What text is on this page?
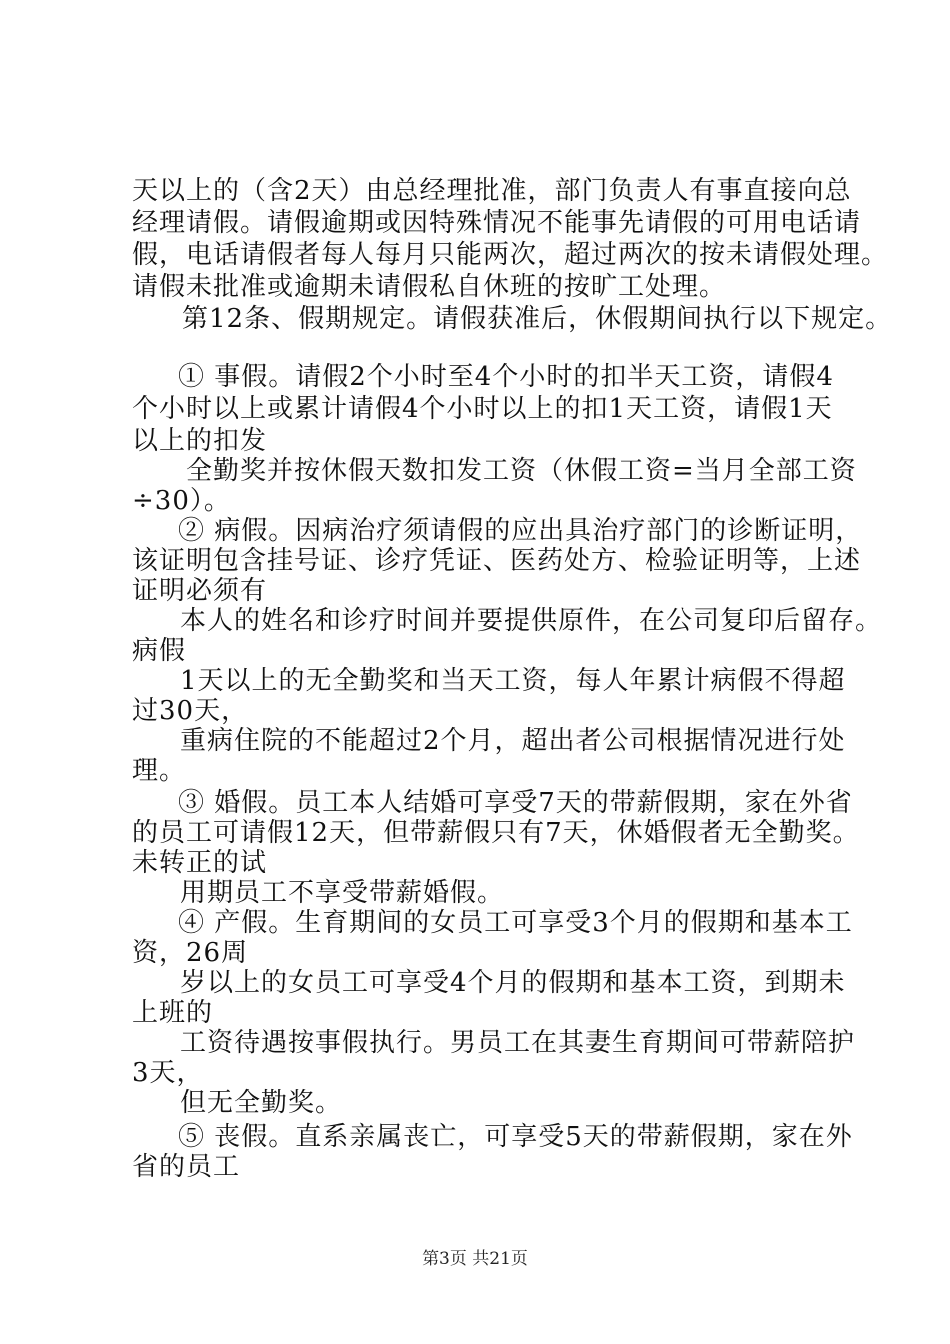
天以上的（含2天）由总经理批准，部门负责人有事直接向总
经理请假。请假逾期或因特殊情况不能事先请假的可用电话请
假，电话请假者每人每月只能两次，超过两次的按未请假处理。
请假未批准或逾期未请假私自休班的按旷工处理。
第12条、假期规定。请假获准后，休假期间执行以下规定。
① 事假。请假2个小时至4个小时的扣半天工资，请假4
个小时以上或累计请假4个小时以上的扣1天工资，请假1天
以上的扣发
全勤奖并按休假天数扣发工资（休假工资=当月全部工资
÷30）。
② 病假。因病治疗须请假的应出具治疗部门的诊断证明，
该证明包含挂号证、诊疗凭证、医药处方、检验证明等，上述
证明必须有
本人的姓名和诊疗时间并要提供原件，在公司复印后留存。
病假
1天以上的无全勤奖和当天工资，每人年累计病假不得超
过30天，
重病住院的不能超过2个月，超出者公司根据情况进行处
理。
③ 婚假。员工本人结婚可享受7天的带薪假期，家在外省
的员工可请假12天，但带薪假只有7天，休婚假者无全勤奖。
未转正的试
用期员工不享受带薪婚假。
④ 产假。生育期间的女员工可享受3个月的假期和基本工
资，26周
岁以上的女员工可享受4个月的假期和基本工资，到期未
上班的
工资待遇按事假执行。男员工在其妻生育期间可带薪陪护
3天，
但无全勤奖。
⑤ 丧假。直系亲属丧亡，可享受5天的带薪假期，家在外
省的员工
第3页 共21页
